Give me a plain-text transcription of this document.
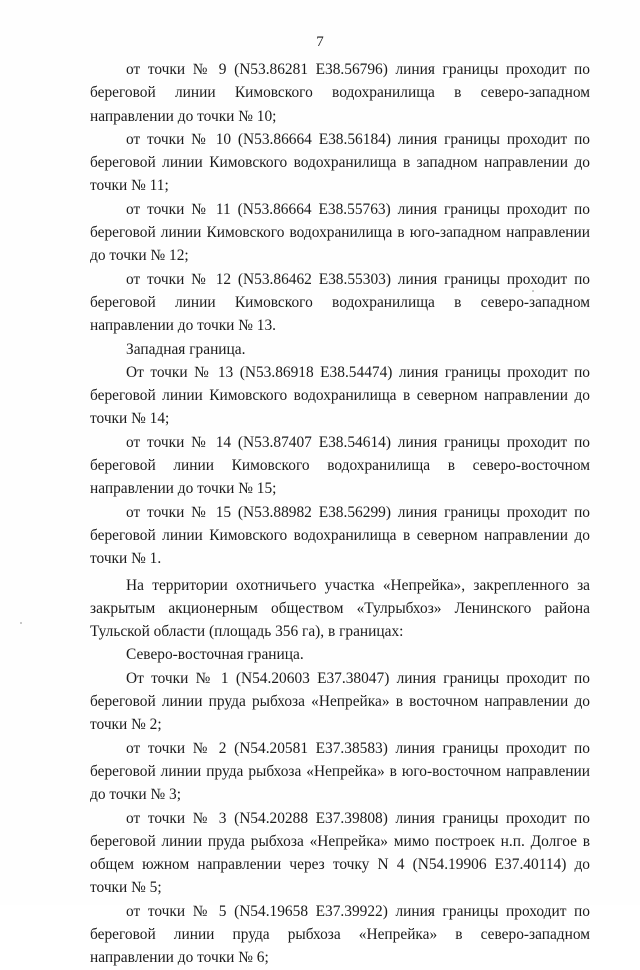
7

от точки № 9 (N53.86281 E38.56796) линия границы проходит по береговой линии Кимовского водохранилища в северо-западном направлении до точки № 10;

от точки № 10 (N53.86664 E38.56184) линия границы проходит по береговой линии Кимовского водохранилища в западном направлении до точки № 11;

от точки № 11 (N53.86664 E38.55763) линия границы проходит по береговой линии Кимовского водохранилища в юго-западном направлении до точки № 12;

от точки № 12 (N53.86462 E38.55303) линия границы проходит по береговой линии Кимовского водохранилища в северо-западном направлении до точки № 13.

Западная граница.

От точки № 13 (N53.86918 E38.54474) линия границы проходит по береговой линии Кимовского водохранилища в северном направлении до точки № 14;

от точки № 14 (N53.87407 E38.54614) линия границы проходит по береговой линии Кимовского водохранилища в северо-восточном направлении до точки № 15;

от точки № 15 (N53.88982 E38.56299) линия границы проходит по береговой линии Кимовского водохранилища в северном направлении до точки № 1.

На территории охотничьего участка «Непрейка», закрепленного за закрытым акционерным обществом «Тулрыбхоз» Ленинского района Тульской области (площадь 356 га), в границах:

Северо-восточная граница.

От точки № 1 (N54.20603 E37.38047) линия границы проходит по береговой линии пруда рыбхоза «Непрейка» в восточном направлении до точки № 2;

от точки № 2 (N54.20581 E37.38583) линия границы проходит по береговой линии пруда рыбхоза «Непрейка» в юго-восточном направлении до точки № 3;

от точки № 3 (N54.20288 E37.39808) линия границы проходит по береговой линии пруда рыбхоза «Непрейка» мимо построек н.п. Долгое в общем южном направлении через точку N 4 (N54.19906 E37.40114) до точки № 5;

от точки № 5 (N54.19658 E37.39922) линия границы проходит по береговой линии пруда рыбхоза «Непрейка» в северо-западном направлении до точки № 6;
